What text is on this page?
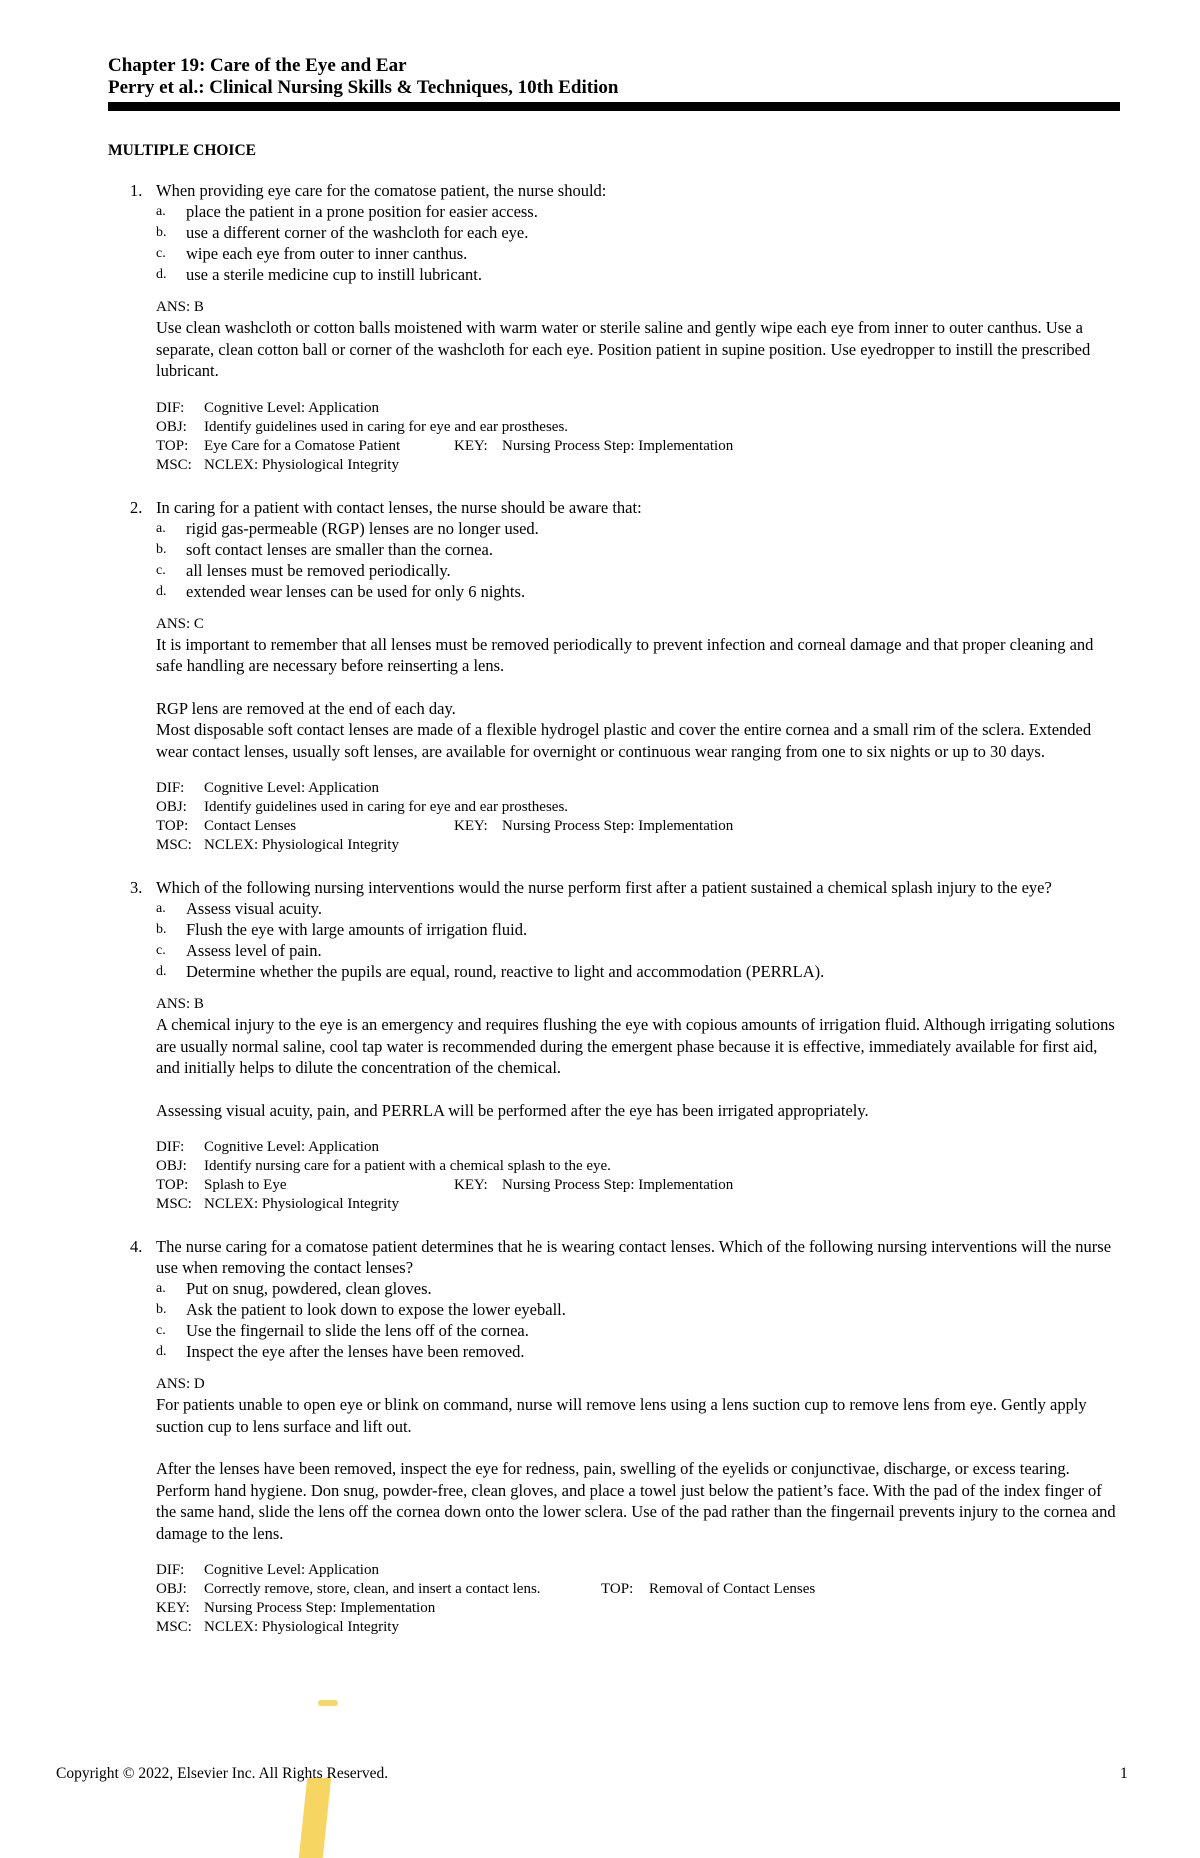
Chapter 19: Care of the Eye and Ear
Perry et al.: Clinical Nursing Skills & Techniques, 10th Edition
MULTIPLE CHOICE
1. When providing eye care for the comatose patient, the nurse should:
a. place the patient in a prone position for easier access.
b. use a different corner of the washcloth for each eye.
c. wipe each eye from outer to inner canthus.
d. use a sterile medicine cup to instill lubricant.
ANS: B

Use clean washcloth or cotton balls moistened with warm water or sterile saline and gently wipe each eye from inner to outer canthus. Use a separate, clean cotton ball or corner of the washcloth for each eye. Position patient in supine position. Use eyedropper to instill the prescribed lubricant.

DIF: Cognitive Level: Application
OBJ: Identify guidelines used in caring for eye and ear prostheses.
TOP: Eye Care for a Comatose Patient	KEY: Nursing Process Step: Implementation
MSC: NCLEX: Physiological Integrity
2. In caring for a patient with contact lenses, the nurse should be aware that:
a. rigid gas-permeable (RGP) lenses are no longer used.
b. soft contact lenses are smaller than the cornea.
c. all lenses must be removed periodically.
d. extended wear lenses can be used for only 6 nights.
ANS: C

It is important to remember that all lenses must be removed periodically to prevent infection and corneal damage and that proper cleaning and safe handling are necessary before reinserting a lens.

RGP lens are removed at the end of each day.

Most disposable soft contact lenses are made of a flexible hydrogel plastic and cover the entire cornea and a small rim of the sclera. Extended wear contact lenses, usually soft lenses, are available for overnight or continuous wear ranging from one to six nights or up to 30 days.

DIF: Cognitive Level: Application
OBJ: Identify guidelines used in caring for eye and ear prostheses.
TOP: Contact Lenses	KEY: Nursing Process Step: Implementation
MSC: NCLEX: Physiological Integrity
3. Which of the following nursing interventions would the nurse perform first after a patient sustained a chemical splash injury to the eye?
a. Assess visual acuity.
b. Flush the eye with large amounts of irrigation fluid.
c. Assess level of pain.
d. Determine whether the pupils are equal, round, reactive to light and accommodation (PERRLA).
ANS: B

A chemical injury to the eye is an emergency and requires flushing the eye with copious amounts of irrigation fluid. Although irrigating solutions are usually normal saline, cool tap water is recommended during the emergent phase because it is effective, immediately available for first aid, and initially helps to dilute the concentration of the chemical.

Assessing visual acuity, pain, and PERRLA will be performed after the eye has been irrigated appropriately.

DIF: Cognitive Level: Application
OBJ: Identify nursing care for a patient with a chemical splash to the eye.
TOP: Splash to Eye	KEY: Nursing Process Step: Implementation
MSC: NCLEX: Physiological Integrity
4. The nurse caring for a comatose patient determines that he is wearing contact lenses. Which of the following nursing interventions will the nurse use when removing the contact lenses?
a. Put on snug, powdered, clean gloves.
b. Ask the patient to look down to expose the lower eyeball.
c. Use the fingernail to slide the lens off of the cornea.
d. Inspect the eye after the lenses have been removed.
ANS: D

For patients unable to open eye or blink on command, nurse will remove lens using a lens suction cup to remove lens from eye. Gently apply suction cup to lens surface and lift out.

After the lenses have been removed, inspect the eye for redness, pain, swelling of the eyelids or conjunctivae, discharge, or excess tearing. Perform hand hygiene. Don snug, powder-free, clean gloves, and place a towel just below the patient’s face. With the pad of the index finger of the same hand, slide the lens off the cornea down onto the lower sclera. Use of the pad rather than the fingernail prevents injury to the cornea and damage to the lens.

DIF: Cognitive Level: Application
OBJ: Correctly remove, store, clean, and insert a contact lens.	TOP: Removal of Contact Lenses
KEY: Nursing Process Step: Implementation
MSC: NCLEX: Physiological Integrity
Copyright © 2022, Elsevier Inc. All Rights Reserved.	1
